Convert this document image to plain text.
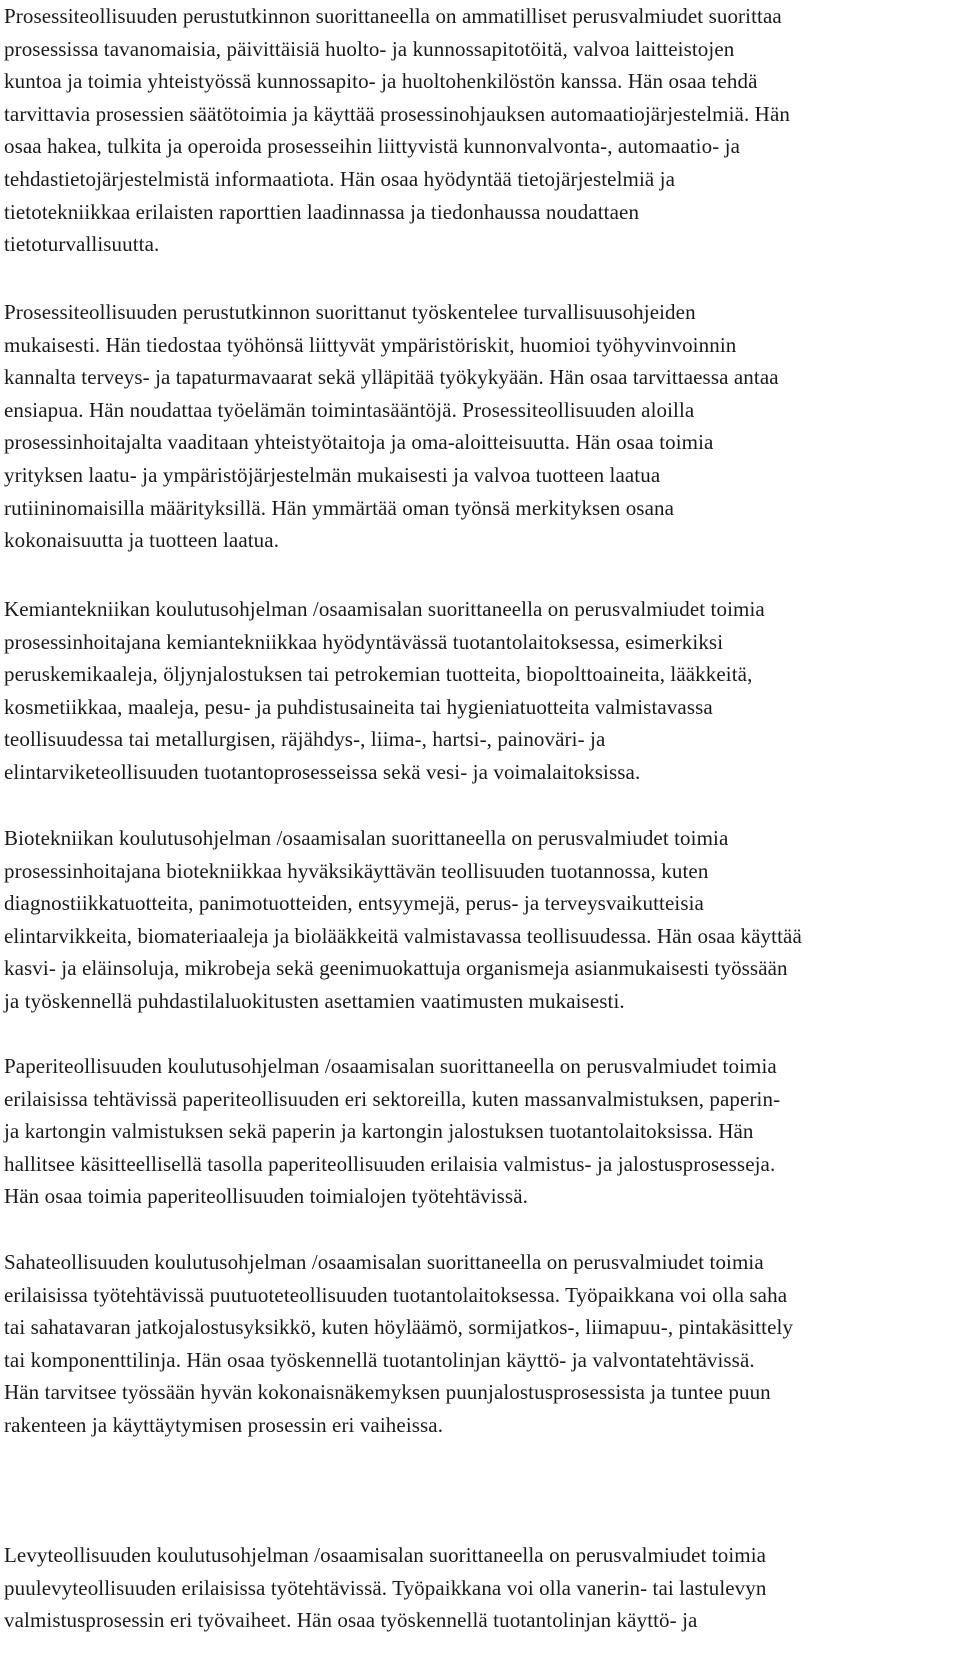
Prosessiteollisuuden perustutkinnon suorittaneella on ammatilliset perusvalmiudet suorittaa
prosessissa tavanomaisia, päivittäisiä huolto- ja kunnossapitotöitä, valvoa laitteistojen
kuntoa ja toimia yhteistyössä kunnossapito- ja huoltohenkilöstön kanssa. Hän osaa tehdä
tarvittavia prosessien säätötoimia ja käyttää prosessinohjauksen automaatiojärjestelmiä. Hän
osaa hakea, tulkita ja operoida prosesseihin liittyvistä kunnonvalvonta-, automaatio- ja
tehdastietojärjestelmistä informaatiota. Hän osaa hyödyntää tietojärjestelmiä ja
tietotekniikkaa erilaisten raporttien laadinnassa ja tiedonhaussa noudattaen
tietoturvallisuutta.

Prosessiteollisuuden perustutkinnon suorittanut työskentelee turvallisuusohjeiden
mukaisesti. Hän tiedostaa työhönsä liittyvät ympäristöriskit, huomioi työhyvinvoinnin
kannalta terveys- ja tapaturmavaarat sekä ylläpitää työkykyään. Hän osaa tarvittaessa antaa
ensiapua. Hän noudattaa työelämän toimintasääntöjä. Prosessiteollisuuden aloilla
prosessinhoitajalta vaaditaan yhteistyötaitoja ja oma-aloitteisuutta. Hän osaa toimia
yrityksen laatu- ja ympäristöjärjestelmän mukaisesti ja valvoa tuotteen laatua
rutiininomaisilla määrityksillä. Hän ymmärtää oman työnsä merkityksen osana
kokonaisuutta ja tuotteen laatua.

Kemiantekniikan koulutusohjelman /osaamisalan suorittaneella on perusvalmiudet toimia
prosessinhoitajana kemiantekniikkaa hyödyntävässä tuotantolaitoksessa, esimerkiksi
peruskemikaaleja, öljynjalostuksen tai petrokemian tuotteita, biopolttoaineita, lääkkeitä,
kosmetiikkaa, maaleja, pesu- ja puhdistusaineita tai hygieniatuotteita valmistavassa
teollisuudessa tai metallurgisen, räjähdys-, liima-, hartsi-, painoväri- ja
elintarviketeollisuuden tuotantoprosesseissa sekä vesi- ja voimalaitoksissa.

Biotekniikan koulutusohjelman /osaamisalan suorittaneella on perusvalmiudet toimia
prosessinhoitajana biotekniikkaa hyväksikäyttävän teollisuuden tuotannossa, kuten
diagnostiikkatuotteita, panimotuotteiden, entsyymejä, perus- ja terveysvaikutteisia
elintarvikkeita, biomateriaaleja ja biolääkkeitä valmistavassa teollisuudessa. Hän osaa käyttää
kasvi- ja eläinsoluja, mikrobeja sekä geenimuokattuja organismeja asianmukaisesti työssään
ja työskennellä puhdastilaluokitusten asettamien vaatimusten mukaisesti.

Paperiteollisuuden koulutusohjelman /osaamisalan suorittaneella on perusvalmiudet toimia
erilaisissa tehtävissä paperiteollisuuden eri sektoreilla, kuten massanvalmistuksen, paperin-
ja kartongin valmistuksen sekä paperin ja kartongin jalostuksen tuotantolaitoksissa. Hän
hallitsee käsitteellisellä tasolla paperiteollisuuden erilaisia valmistus- ja jalostusprosesseja.
Hän osaa toimia paperiteollisuuden toimialojen työtehtävissä.

Sahateollisuuden koulutusohjelman /osaamisalan suorittaneella on perusvalmiudet toimia
erilaisissa työtehtävissä puutuoteteollisuuden tuotantolaitoksessa. Työpaikkana voi olla saha
tai sahatavaran jatkojalostusyksikkö, kuten höyläämö, sormijatkos-, liimapuu-, pintakäsittely
tai komponenttilinja. Hän osaa työskennellä tuotantolinjan käyttö- ja valvontatehtävissä.
Hän tarvitsee työssään hyvän kokonaisnäkemyksen puunjalostusprosessista ja tuntee puun
rakenteen ja käyttäytymisen prosessin eri vaiheissa.

Levyteollisuuden koulutusohjelman /osaamisalan suorittaneella on perusvalmiudet toimia
puulevyteollisuuden erilaisissa työtehtävissä. Työpaikkana voi olla vanerin- tai lastulevyn
valmistusprosessin eri työvaiheet. Hän osaa työskennellä tuotantolinjan käyttö- ja
